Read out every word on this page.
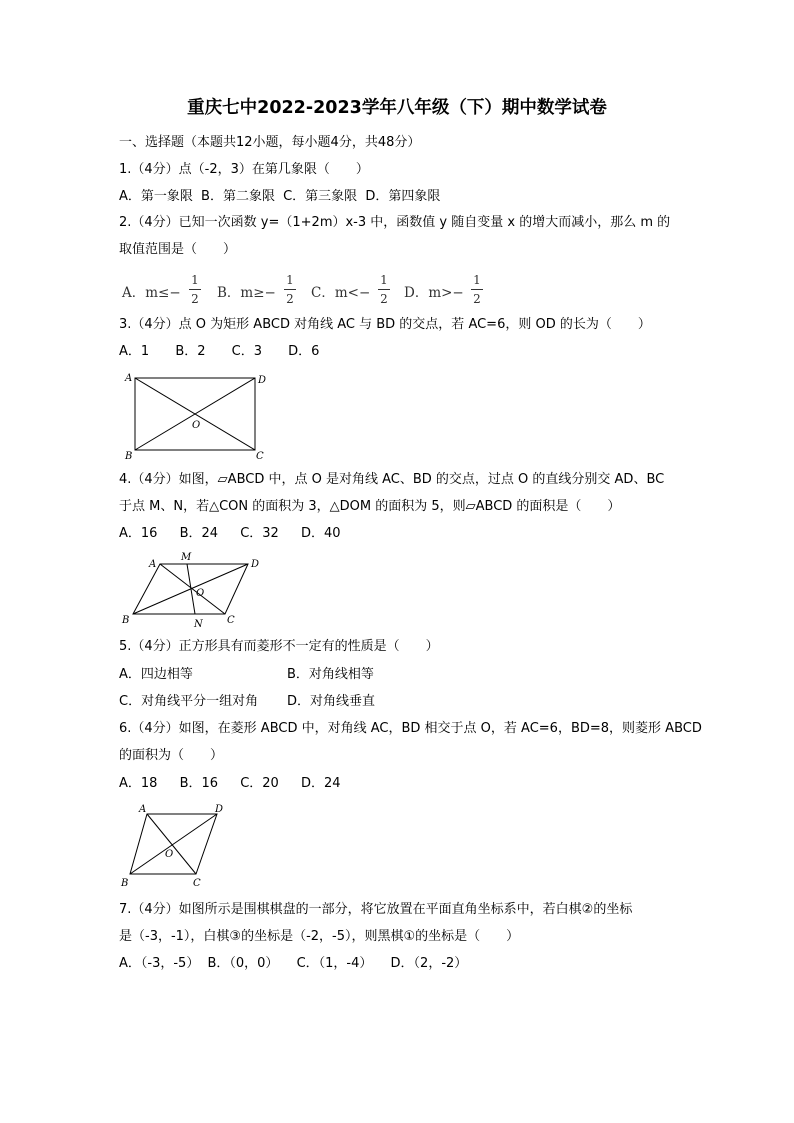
重庆七中2022-2023学年八年级（下）期中数学试卷
一、选择题（本题共12小题，每小题4分，共48分）
1.（4分）点（-2，3）在第几象限（　　）
A．第一象限 B．第二象限 C．第三象限 D．第四象限
2.（4分）已知一次函数 y=（1+2m）x-3 中，函数值 y 随自变量 x 的增大而减小，那么 m 的
取值范围是（　　）
A．m≤−
1
2 B．m≥−
1
2 C．m<−
1
2 D．m>−
1
2
3.（4分）点 O 为矩形 ABCD 对角线 AC 与 BD 的交点，若 AC=6，则 OD 的长为（　　）
A．1 B．2 C．3 D．6
A	D
B	C
O
4.（4分）如图，▱ABCD 中，点 O 是对角线 AC、BD 的交点，过点 O 的直线分别交 AD、BC
于点 M、N，若△CON 的面积为 3，△DOM 的面积为 5，则▱ABCD 的面积是（　　）
A．16 B．24 C．32 D．40
M
A	D
B	C
N
O
5.（4分）正方形具有而菱形不一定有的性质是（　　）
A．四边相等	B．对角线相等
C．对角线平分一组对角 D．对角线垂直
6.（4分）如图，在菱形 ABCD 中，对角线 AC，BD 相交于点 O，若 AC=6，BD=8，则菱形 ABCD
的面积为（　　）
A．18 B．16 C．20 D．24
A	D
B	C
O
7.（4分）如图所示是围棋棋盘的一部分，将它放置在平面直角坐标系中，若白棋②的坐标
是（-3，-1），白棋③的坐标是（-2，-5），则黑棋①的坐标是（　　）
A．（-3，-5） B．（0，0） C．（1，-4） D．（2，-2）
